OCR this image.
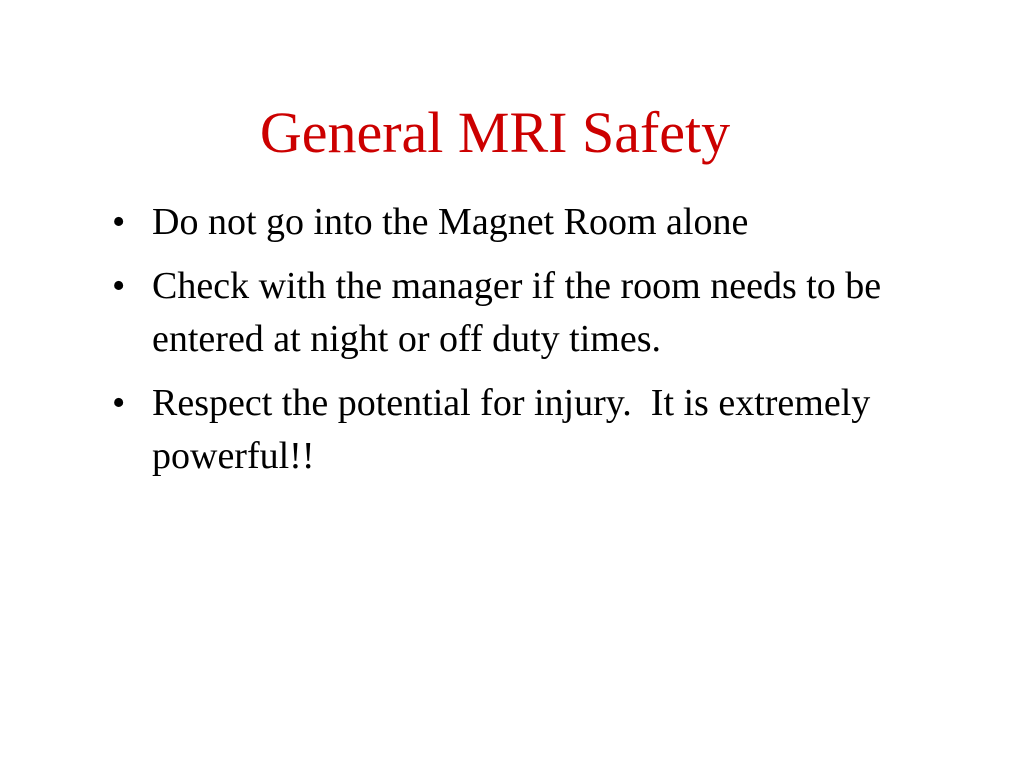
General MRI Safety
• Do not go into the Magnet Room alone
• Check with the manager if the room needs to be entered at night or off duty times.
• Respect the potential for injury.  It is extremely powerful!!
